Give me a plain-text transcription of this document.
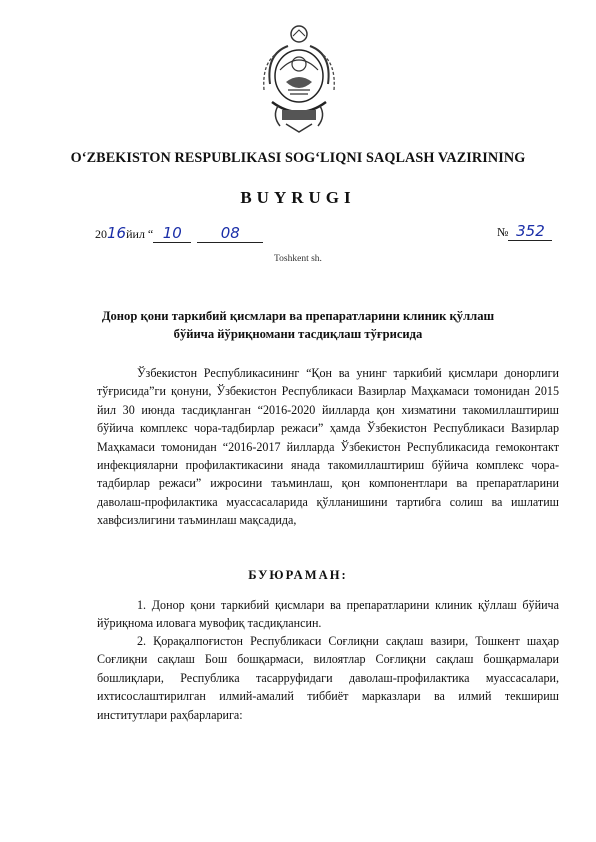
O‘ZBEKISTON RESPUBLIKASI SOG‘LIQNI SAQLASH VAZIRINING
BUYRUGI
2016йил “ 10	08	№ 352
Toshkent sh.
Донор қони таркибий қисмлари ва препаратларини клиник қўллаш
бўйича йўриқномани тасдиқлаш тўғрисида
Ўзбекистон Республикасининг “Қон ва унинг таркибий қисмлари донорлиги тўғрисида”ги қонуни, Ўзбекистон Республикаси Вазирлар Маҳкамаси томонидан 2015 йил 30 июнда тасдиқланган “2016-2020 йилларда қон хизматини такомиллаштириш бўйича комплекс чора-тадбирлар режаси” ҳамда Ўзбекистон Республикаси Вазирлар Маҳкамаси томонидан “2016-2017 йилларда Ўзбекистон Республикасида гемоконтакт инфекцияларни профилактикасини янада такомиллаштириш бўйича комплекс чора-тадбирлар режаси” ижросини таъминлаш, қон компонентлари ва препаратларини даволаш-профилактика муассасаларида қўлланишини тартибга солиш ва ишлатиш хавфсизлигини таъминлаш мақсадида,
БУЮРАМАН:
1. Донор қони таркибий қисмлари ва препаратларини клиник қўллаш бўйича йўриқнома иловага мувофиқ тасдиқлансин.
2. Қорақалпоғистон Республикаси Соғлиқни сақлаш вазири, Тошкент шаҳар Соғлиқни сақлаш Бош бошқармаси, вилоятлар Соғлиқни сақлаш бошқармалари бошлиқлари, Республика тасарруфидаги даволаш-профилактика муассасалари, ихтисослаштирилган илмий-амалий тиббиёт марказлари ва илмий текшириш институтлари раҳбарларига:
